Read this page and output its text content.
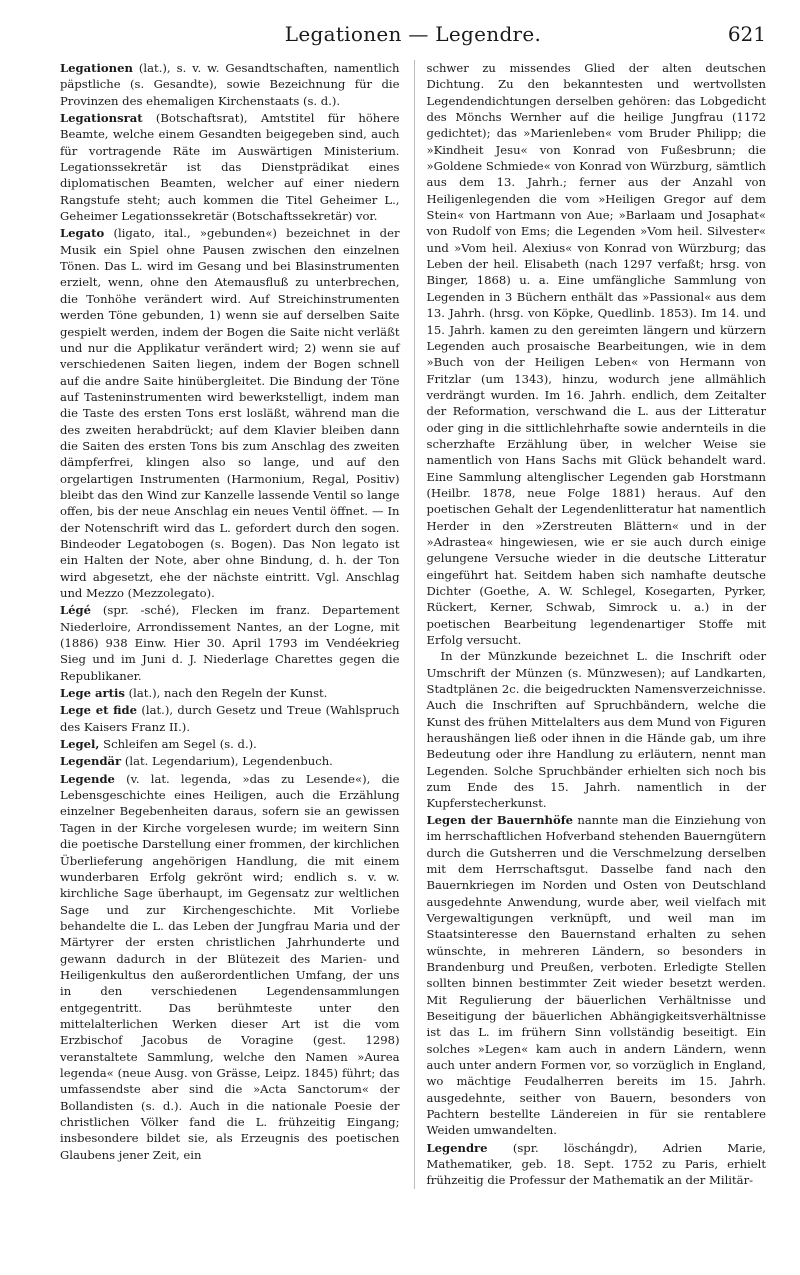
Legationen — Legendre.	621

Legationen (lat.), s. v. w. Gesandtschaften, namentlich päpstliche (s. Gesandte), sowie Bezeichnung für die Provinzen des ehemaligen Kirchenstaats (s. d.).

Legationsrat (Botschaftsrat), Amtstitel für höhere Beamte, welche einem Gesandten beigegeben sind, auch für vortragende Räte im Auswärtigen Ministerium. Legationssekretär ist das Dienstprädikat eines diplomatischen Beamten, welcher auf einer niedern Rangstufe steht; auch kommen die Titel Geheimer L., Geheimer Legationssekretär (Botschaftssekretär) vor.

Legato (ligato, ital., »gebunden«) bezeichnet in der Musik ein Spiel ohne Pausen zwischen den einzelnen Tönen. Das L. wird im Gesang und bei Blasinstrumenten erzielt, wenn, ohne den Atemausfluß zu unterbrechen, die Tonhöhe verändert wird. Auf Streichinstrumenten werden Töne gebunden, 1) wenn sie auf derselben Saite gespielt werden, indem der Bogen die Saite nicht verläßt und nur die Applikatur verändert wird; 2) wenn sie auf verschiedenen Saiten liegen, indem der Bogen schnell auf die andre Saite hinübergleitet. Die Bindung der Töne auf Tasteninstrumenten wird bewerkstelligt, indem man die Taste des ersten Tons erst losläßt, während man die des zweiten herabdrückt; auf dem Klavier bleiben dann die Saiten des ersten Tons bis zum Anschlag des zweiten dämpferfrei, klingen also so lange, und auf den orgelartigen Instrumenten (Harmonium, Regal, Positiv) bleibt das den Wind zur Kanzelle lassende Ventil so lange offen, bis der neue Anschlag ein neues Ventil öffnet. — In der Notenschrift wird das L. gefordert durch den sogen. Bindeoder Legatobogen (s. Bogen). Das Non legato ist ein Halten der Note, aber ohne Bindung, d. h. der Ton wird abgesetzt, ehe der nächste eintritt. Vgl. Anschlag und Mezzo (Mezzolegato).

Légé (spr. -sché), Flecken im franz. Departement Niederloire, Arrondissement Nantes, an der Logne, mit (1886) 938 Einw. Hier 30. April 1793 im Vendéekrieg Sieg und im Juni d. J. Niederlage Charettes gegen die Republikaner.

Lege artis (lat.), nach den Regeln der Kunst.

Lege et fide (lat.), durch Gesetz und Treue (Wahlspruch des Kaisers Franz II.).

Legel, Schleifen am Segel (s. d.).

Legendär (lat. Legendarium), Legendenbuch.

Legende (v. lat. legenda, »das zu Lesende«), die Lebensgeschichte eines Heiligen, auch die Erzählung einzelner Begebenheiten daraus, sofern sie an gewissen Tagen in der Kirche vorgelesen wurde; im weitern Sinn die poetische Darstellung einer frommen, der kirchlichen Überlieferung angehörigen Handlung, die mit einem wunderbaren Erfolg gekrönt wird; endlich s. v. w. kirchliche Sage überhaupt, im Gegensatz zur weltlichen Sage und zur Kirchengeschichte. Mit Vorliebe behandelte die L. das Leben der Jungfrau Maria und der Märtyrer der ersten christlichen Jahrhunderte und gewann dadurch in der Blütezeit des Marien- und Heiligenkultus den außerordentlichen Umfang, der uns in den verschiedenen Legendensammlungen entgegentritt. Das berühmteste unter den mittelalterlichen Werken dieser Art ist die vom Erzbischof Jacobus de Voragine (gest. 1298) veranstaltete Sammlung, welche den Namen »Aurea legenda« (neue Ausg. von Grässe, Leipz. 1845) führt; das umfassendste aber sind die »Acta Sanctorum« der Bollandisten (s. d.). Auch in die nationale Poesie der christlichen Völker fand die L. frühzeitig Eingang; insbesondere bildet sie, als Erzeugnis des poetischen Glaubens jener Zeit, ein

schwer zu missendes Glied der alten deutschen Dichtung. Zu den bekanntesten und wertvollsten Legendendichtungen derselben gehören: das Lobgedicht des Mönchs Wernher auf die heilige Jungfrau (1172 gedichtet); das »Marienleben« vom Bruder Philipp; die »Kindheit Jesu« von Konrad von Fußesbrunn; die »Goldene Schmiede« von Konrad von Würzburg, sämtlich aus dem 13. Jahrh.; ferner aus der Anzahl von Heiligenlegenden die vom »Heiligen Gregor auf dem Stein« von Hartmann von Aue; »Barlaam und Josaphat« von Rudolf von Ems; die Legenden »Vom heil. Silvester« und »Vom heil. Alexius« von Konrad von Würzburg; das Leben der heil. Elisabeth (nach 1297 verfaßt; hrsg. von Binger, 1868) u. a. Eine umfängliche Sammlung von Legenden in 3 Büchern enthält das »Passional« aus dem 13. Jahrh. (hrsg. von Köpke, Quedlinb. 1853). Im 14. und 15. Jahrh. kamen zu den gereimten längern und kürzern Legenden auch prosaische Bearbeitungen, wie in dem »Buch von der Heiligen Leben« von Hermann von Fritzlar (um 1343), hinzu, wodurch jene allmählich verdrängt wurden. Im 16. Jahrh. endlich, dem Zeitalter der Reformation, verschwand die L. aus der Litteratur oder ging in die sittlichlehrhafte sowie andernteils in die scherzhafte Erzählung über, in welcher Weise sie namentlich von Hans Sachs mit Glück behandelt ward. Eine Sammlung altenglischer Legenden gab Horstmann (Heilbr. 1878, neue Folge 1881) heraus. Auf den poetischen Gehalt der Legendenlitteratur hat namentlich Herder in den »Zerstreuten Blättern« und in der »Adrastea« hingewiesen, wie er sie auch durch einige gelungene Versuche wieder in die deutsche Litteratur eingeführt hat. Seitdem haben sich namhafte deutsche Dichter (Goethe, A. W. Schlegel, Kosegarten, Pyrker, Rückert, Kerner, Schwab, Simrock u. a.) in der poetischen Bearbeitung legendenartiger Stoffe mit Erfolg versucht.

In der Münzkunde bezeichnet L. die Inschrift oder Umschrift der Münzen (s. Münzwesen); auf Landkarten, Stadtplänen 2c. die beigedruckten Namensverzeichnisse. Auch die Inschriften auf Spruchbändern, welche die Kunst des frühen Mittelalters aus dem Mund von Figuren heraushängen ließ oder ihnen in die Hände gab, um ihre Bedeutung oder ihre Handlung zu erläutern, nennt man Legenden. Solche Spruchbänder erhielten sich noch bis zum Ende des 15. Jahrh. namentlich in der Kupferstecherkunst.

Legen der Bauernhöfe nannte man die Einziehung von im herrschaftlichen Hofverband stehenden Bauerngütern durch die Gutsherren und die Verschmelzung derselben mit dem Herrschaftsgut. Dasselbe fand nach den Bauernkriegen im Norden und Osten von Deutschland ausgedehnte Anwendung, wurde aber, weil vielfach mit Vergewaltigungen verknüpft, und weil man im Staatsinteresse den Bauernstand erhalten zu sehen wünschte, in mehreren Ländern, so besonders in Brandenburg und Preußen, verboten. Erledigte Stellen sollten binnen bestimmter Zeit wieder besetzt werden. Mit Regulierung der bäuerlichen Verhältnisse und Beseitigung der bäuerlichen Abhängigkeitsverhältnisse ist das L. im frühern Sinn vollständig beseitigt. Ein solches »Legen« kam auch in andern Ländern, wenn auch unter andern Formen vor, so vorzüglich in England, wo mächtige Feudalherren bereits im 15. Jahrh. ausgedehnte, seither von Bauern, besonders von Pachtern bestellte Ländereien in für sie rentablere Weiden umwandelten.

Legendre (spr. löschángdr), Adrien Marie, Mathematiker, geb. 18. Sept. 1752 zu Paris, erhielt frühzeitig die Professur der Mathematik an der Militär-
